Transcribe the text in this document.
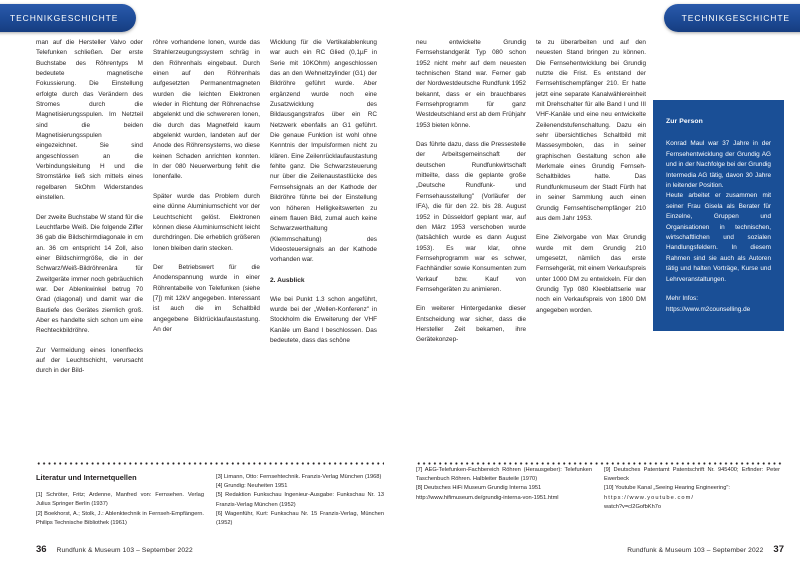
TECHNIKGESCHICHTE

man auf die Hersteller Valvo oder Telefunken schließen. Der erste Buchstabe des Röhrentyps M bedeutete magnetische Fokussierung. Die Einstellung erfolgte durch das Verändern des Stromes durch die Magnetisierungsspulen. Im Netzteil sind die beiden Magnetisierungsspulen eingezeichnet. Sie sind angeschlossen an die Verbindungsleitung H und die Stromstärke ließ sich mittels eines regelbaren 5kOhm Widerstandes einstellen.

Der zweite Buchstabe W stand für die Leuchtfarbe Weiß. Die folgende Ziffer 36 gab die Bildschirmdiagonale in cm an. 36 cm entspricht 14 Zoll, also einer Bildschirmgröße, die in der Schwarz/Weiß-Bildröhrenära für Zweitgeräte immer noch gebräuchlich war. Der Ablenkwinkel betrug 70 Grad (diagonal) und damit war die Bautiefe des Gerätes ziemlich groß. Aber es handelte sich schon um eine Rechteckbildröhre.

Zur Vermeidung eines Ionenflecks auf der Leuchtschicht, verursacht durch in der Bild-

röhre vorhandene Ionen, wurde das Strahlerzeugungssystem schräg in den Röhrenhals eingebaut. Durch einen auf den Röhrenhals aufgesetzten Permanentmagneten wurden die leichten Elektronen wieder in Richtung der Röhrenachse abgelenkt und die schwereren Ionen, die durch das Magnetfeld kaum abgelenkt wurden, landeten auf der Anode des Röhrensystems, wo diese keinen Schaden anrichten konnten. In der 080 Neuerwerbung fehlt die Ionenfalle.

Später wurde das Problem durch eine dünne Aluminiumschicht vor der Leuchtschicht gelöst. Elektronen können diese Aluminiumschicht leicht durchdringen. Die erheblich größeren Ionen bleiben darin stecken.

Der Betriebswert für die Anodenspannung wurde in einer Röhrentabelle von Telefunken (siehe [7]) mit 12kV angegeben. Interessant ist auch die im Schaltbild angegebene Bildrücklaufaustastung. An der

Wicklung für die Vertikalablenkung war auch ein RC Glied (0,1µF in Serie mit 10KOhm) angeschlossen das an den Wehneltzylinder (G1) der Bildröhre geführt wurde. Aber ergänzend wurde noch eine Zusatzwicklung des Bildausgangstrafos über ein RC Netzwerk ebenfalls an G1 geführt. Die genaue Funktion ist wohl ohne Kenntnis der Impulsformen nicht zu klären. Eine Zeilenrücklaufaustastung fehlte ganz. Die Schwarzsteuerung nur über die Zeilenaustastlücke des Fernsehsignals an der Kathode der Bildröhre führte bei der Einstellung von höheren Helligkeitswerten zu einem flauen Bild, zumal auch keine Schwarzwerthaltung (Klemmschaltung) des Videosteuersignals an der Kathode vorhanden war.

2. Ausblick

Wie bei Punkt 1.3 schon angeführt, wurde bei der „Wellen-Konferenz" in Stockholm die Erweiterung der VHF Kanäle um Band I beschlossen. Das bedeutete, dass das schöne

Literatur und Internetquellen

[1] Schröter, Fritz; Ardenne, Manfred von: Fernsehen. Verlag Julius Springer Berlin (1937)

[2] Boekhorst, A.; Stolk, J.: Ablenktechnik in Fernseh-Empfängern. Philips Technische Bibliothek (1961)

[3] Limann, Otto: Fernsehtechnik. Franzis-Verlag München (1968)

[4] Grundig: Neuheiten 1951

[5] Redaktion Funkschau Ingenieur-Ausgabe: Funkschau Nr. 13 Franzis-Verlag München (1952)

[6] Wagenführ, Kurt: Funkschau Nr. 15 Franzis-Verlag, München (1952)

36 Rundfunk & Museum 103 – September 2022
TECHNIKGESCHICHTE

neu entwickelte Grundig Fernsehstandgerät Typ 080 schon 1952 nicht mehr auf dem neuesten technischen Stand war. Ferner gab der Nordwestdeutsche Rundfunk 1952 bekannt, dass er ein brauchbares Fernsehprogramm für ganz Westdeutschland erst ab dem Frühjahr 1953 bieten könne.

Das führte dazu, dass die Pressestelle der Arbeitsgemeinschaft der deutschen Rundfunkwirtschaft mitteilte, dass die geplante große „Deutsche Rundfunk- und Fernsehausstellung" (Vorläufer der IFA), die für den 22. bis 28. August 1952 in Düsseldorf geplant war, auf den März 1953 verschoben wurde (tatsächlich wurde es dann August 1953). Es war klar, ohne Fernsehprogramm war es schwer, Fachhändler sowie Konsumenten zum Verkauf bzw. Kauf von Fernsehgeräten zu animieren.

Ein weiterer Hintergedanke dieser Entscheidung war sicher, dass die Hersteller Zeit bekamen, ihre Gerätekonzep-

te zu überarbeiten und auf den neuesten Stand bringen zu können. Die Fernsehentwicklung bei Grundig nutzte die Frist. Es entstand der Fernsehtischempfänger 210. Er hatte jetzt eine separate Kanalwählereinheit mit Drehschalter für alle Band I und III VHF-Kanäle und eine neu entwickelte Zeilenendstufenschaltung. Dazu ein sehr übersichtliches Schaltbild mit Massesymbolen, das in seiner graphischen Gestaltung schon alle Merkmale eines Grundig Fernseh-Schaltbildes hatte. Das Rundfunkmuseum der Stadt Fürth hat in seiner Sammlung auch einen Grundig Fernsehtischempfänger 210 aus dem Jahr 1953.

Eine Zielvorgabe von Max Grundig wurde mit dem Grundig 210 umgesetzt, nämlich das erste Fernsehgerät, mit einem Verkaufspreis unter 1000 DM zu entwickeln. Für den Grundig Typ 080 Kleeblattserie war noch ein Verkaufspreis von 1800 DM angegeben worden.

Zur Person

Konrad Maul war 37 Jahre in der Fernsehentwicklung der Grundig AG und in der Nachfolge bei der Grundig Intermedia AG tätig, davon 30 Jahre in leitender Position.

Heute arbeitet er zusammen mit seiner Frau Gisela als Berater für Einzelne, Gruppen und Organisationen in technischen, wirtschaftlichen und sozialen Handlungsfeldern. In diesem Rahmen sind sie auch als Autoren tätig und halten Vorträge, Kurse und Lehrveranstaltungen.

Mehr Infos:

https://www.m2counselling.de

[7] AEG-Telefunken-Fachbereich Röhren (Herausgeber): Telefunken Taschenbuch Röhren. Halbleiter Bauteile (1970)

[8] Deutsches HiFi Museum Grundig Interna 1951

http://www.hifimuseum.de/grundig-interna-von-1951.html

[9] Deutsches Patentamt Patentschrift Nr. 945400; Erfinder: Peter Ewerbeck

[10] Youtube Kanal „Seeing Hearing Engineering":

https://www.youtube.com/

watch?v=cl2GofbKh7o

Rundfunk & Museum 103 – September 2022 37
